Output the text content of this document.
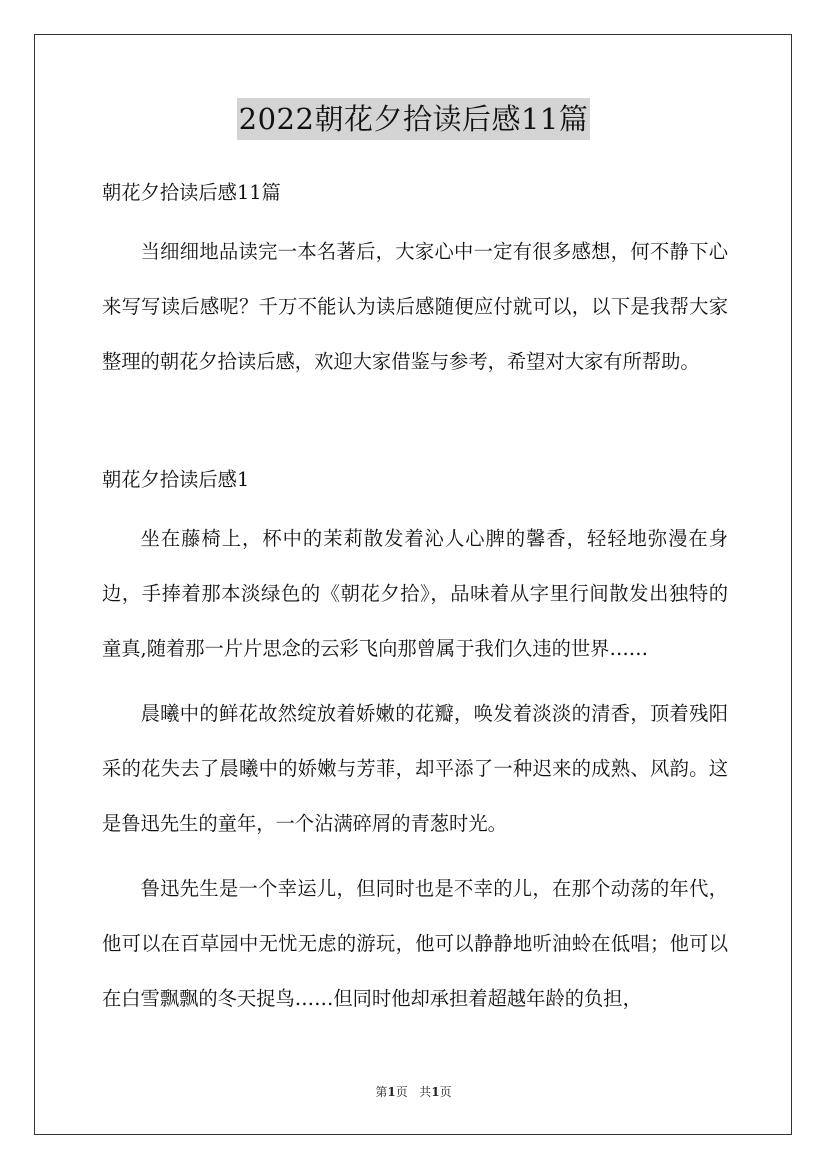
2022朝花夕拾读后感11篇

朝花夕拾读后感11篇

当细细地品读完一本名著后，大家心中一定有很多感想，何不静下心来写写读后感呢？千万不能认为读后感随便应付就可以，以下是我帮大家整理的朝花夕拾读后感，欢迎大家借鉴与参考，希望对大家有所帮助。

朝花夕拾读后感1

坐在藤椅上，杯中的茉莉散发着沁人心脾的馨香，轻轻地弥漫在身边，手捧着那本淡绿色的《朝花夕拾》，品味着从字里行间散发出独特的童真,随着那一片片思念的云彩飞向那曾属于我们久违的世界……

晨曦中的鲜花故然绽放着娇嫩的花瓣，唤发着淡淡的清香，顶着残阳采的花失去了晨曦中的娇嫩与芳菲，却平添了一种迟来的成熟、风韵。这是鲁迅先生的童年，一个沾满碎屑的青葱时光。

鲁迅先生是一个幸运儿，但同时也是不幸的儿，在那个动荡的年代，他可以在百草园中无忧无虑的游玩，他可以静静地听油蛉在低唱；他可以在白雪飘飘的冬天捉鸟……但同时他却承担着超越年龄的负担，

第1页 共1页
